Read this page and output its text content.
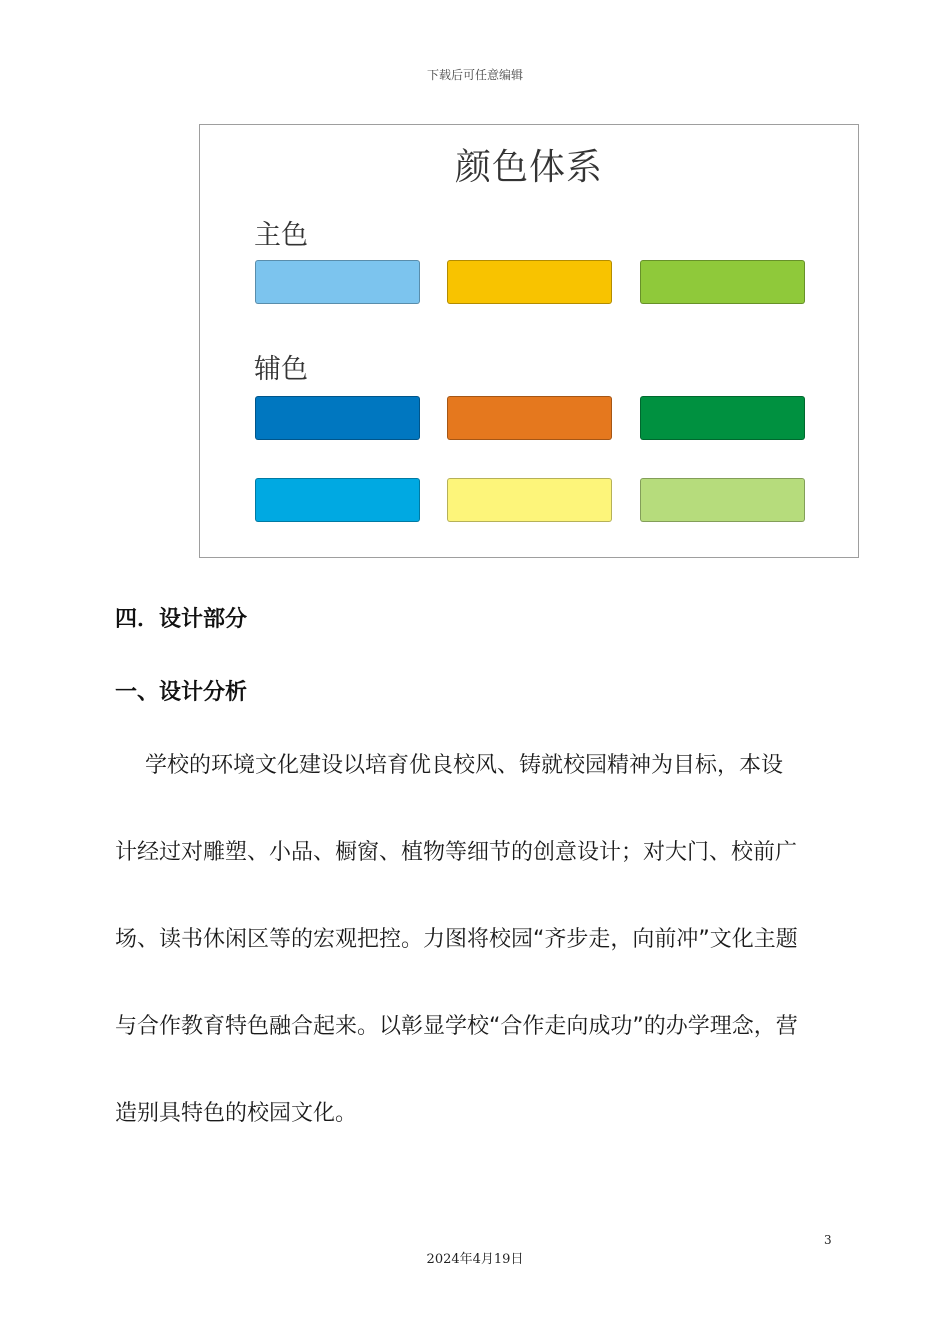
下载后可任意编辑
颜色体系
主色
辅色
四．设计部分
一、设计分析
学校的环境文化建设以培育优良校风、铸就校园精神为目标，本设
计经过对雕塑、小品、橱窗、植物等细节的创意设计；对大门、校前广
场、读书休闲区等的宏观把控。力图将校园“齐步走，向前冲”文化主题
与合作教育特色融合起来。以彰显学校“合作走向成功”的办学理念，营
造别具特色的校园文化。
3
2024年4月19日
